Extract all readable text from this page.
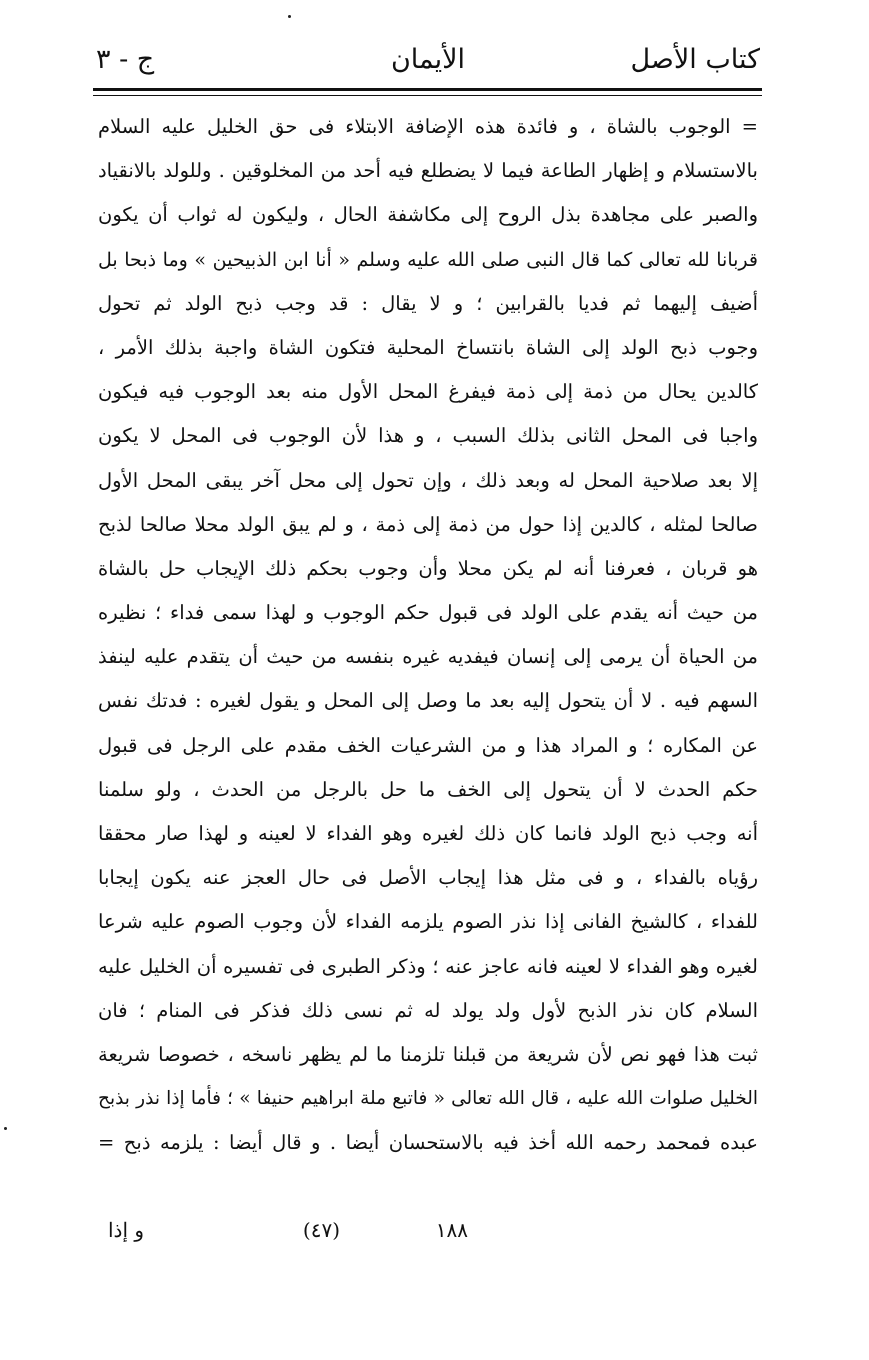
كتاب الأصل
الأيمان
ج - ٣
= الوجوب بالشاة ، و فائدة هذه الإضافة الابتلاء فى حق الخليل عليه السلام
بالاستسلام و إظهار الطاعة فيما لا يضطلع فيه أحد من المخلوقين . وللولد بالانقياد
والصبر على مجاهدة بذل الروح إلى مكاشفة الحال ، وليكون له ثواب أن يكون
قربانا لله تعالى كما قال النبى صلى الله عليه وسلم « أنا ابن الذبيحين » وما ذبحا بل
أضيف إليهما ثم فديا بالقرابين ؛ و لا يقال : قد وجب ذبح الولد ثم تحول
وجوب ذبح الولد إلى الشاة بانتساخ المحلية فتكون الشاة واجبة بذلك الأمر ،
كالدين يحال من ذمة إلى ذمة فيفرغ المحل الأول منه بعد الوجوب فيه فيكون
واجبا فى المحل الثانى بذلك السبب ، و هذا لأن الوجوب فى المحل لا يكون
إلا بعد صلاحية المحل له وبعد ذلك ، وإن تحول إلى محل آخر يبقى المحل الأول
صالحا لمثله ، كالدين إذا حول من ذمة إلى ذمة ، و لم يبق الولد محلا صالحا لذبح
هو قربان ، فعرفنا أنه لم يكن محلا وأن وجوب بحكم ذلك الإيجاب حل بالشاة
من حيث أنه يقدم على الولد فى قبول حكم الوجوب و لهذا سمى فداء ؛ نظيره
من الحياة أن يرمى إلى إنسان فيفديه غيره بنفسه من حيث أن يتقدم عليه لينفذ
السهم فيه . لا أن يتحول إليه بعد ما وصل إلى المحل و يقول لغيره : فدتك نفس
عن المكاره ؛ و المراد هذا و من الشرعيات الخف مقدم على الرجل فى قبول
حكم الحدث لا أن يتحول إلى الخف ما حل بالرجل من الحدث ، ولو سلمنا
أنه وجب ذبح الولد فانما كان ذلك لغيره وهو الفداء لا لعينه و لهذا صار محققا
رؤياه بالفداء ، و فى مثل هذا إيجاب الأصل فى حال العجز عنه يكون إيجابا
للفداء ، كالشيخ الفانى إذا نذر الصوم يلزمه الفداء لأن وجوب الصوم عليه شرعا
لغيره وهو الفداء لا لعينه فانه عاجز عنه ؛ وذكر الطبرى فى تفسيره أن الخليل عليه
السلام كان نذر الذبح لأول ولد يولد له ثم نسى ذلك فذكر فى المنام ؛ فان
ثبت هذا فهو نص لأن شريعة من قبلنا تلزمنا ما لم يظهر ناسخه ، خصوصا شريعة
الخليل صلوات الله عليه ، قال الله تعالى « فاتبع ملة ابراهيم حنيفا » ؛ فأما إذا نذر بذبح
عبده فمحمد رحمه الله أخذ فيه بالاستحسان أيضا . و قال أيضا : يلزمه ذبح =
١٨٨
(٤٧)
و إذا
